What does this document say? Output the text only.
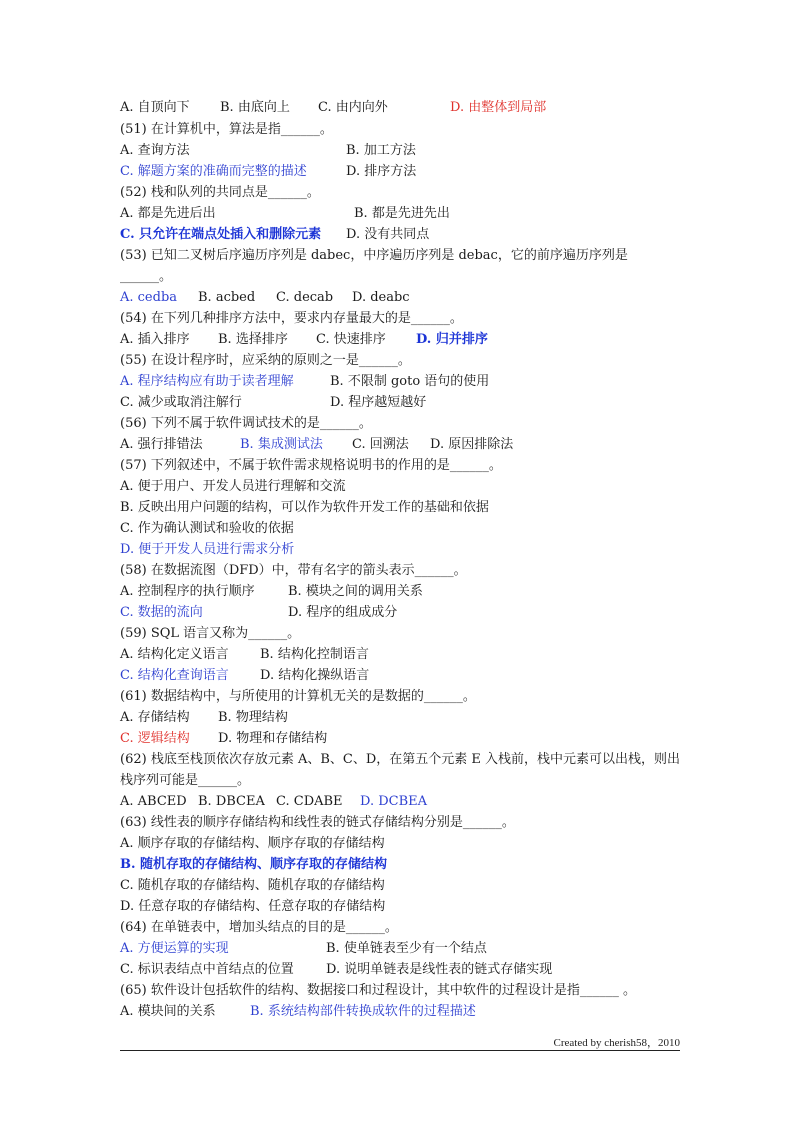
A. 自顶向下 B. 由底向上 C. 由内向外	D. 由整体到局部
(51) 在计算机中，算法是指______。
A. 查询方法	B. 加工方法
C. 解题方案的准确而完整的描述	D. 排序方法
(52) 栈和队列的共同点是______。
A. 都是先进后出	B. 都是先进先出
C. 只允许在端点处插入和删除元素 D. 没有共同点
(53) 已知二叉树后序遍历序列是 dabec，中序遍历序列是 debac，它的前序遍历序列是
______。
A. cedba B. acbed C. decab D. deabc
(54) 在下列几种排序方法中，要求内存量最大的是______。
A. 插入排序 B. 选择排序 C. 快速排序 D. 归并排序
(55) 在设计程序时，应采纳的原则之一是______。
A. 程序结构应有助于读者理解	B. 不限制 goto 语句的使用
C. 减少或取消注解行	D. 程序越短越好
(56) 下列不属于软件调试技术的是______。
A. 强行排错法	B. 集成测试法 C. 回溯法 D. 原因排除法
(57) 下列叙述中，不属于软件需求规格说明书的作用的是______。
A. 便于用户、开发人员进行理解和交流
B. 反映出用户问题的结构，可以作为软件开发工作的基础和依据
C. 作为确认测试和验收的依据
D. 便于开发人员进行需求分析
(58) 在数据流图（DFD）中，带有名字的箭头表示______。
A. 控制程序的执行顺序	B. 模块之间的调用关系
C. 数据的流向	D. 程序的组成成分
(59) SQL 语言又称为______。
A. 结构化定义语言 B. 结构化控制语言
C. 结构化查询语言 D. 结构化操纵语言
(61) 数据结构中，与所使用的计算机无关的是数据的______。
A. 存储结构 B. 物理结构
C. 逻辑结构 D. 物理和存储结构
(62) 栈底至栈顶依次存放元素 A、B、C、D，在第五个元素 E 入栈前，栈中元素可以出栈，则出
栈序列可能是______。
A. ABCED B. DBCEA C. CDABE D. DCBEA
(63) 线性表的顺序存储结构和线性表的链式存储结构分别是______。
A. 顺序存取的存储结构、顺序存取的存储结构
B. 随机存取的存储结构、顺序存取的存储结构
C. 随机存取的存储结构、随机存取的存储结构
D. 任意存取的存储结构、任意存取的存储结构
(64) 在单链表中，增加头结点的目的是______。
A. 方便运算的实现	B. 使单链表至少有一个结点
C. 标识表结点中首结点的位置 D. 说明单链表是线性表的链式存储实现
(65) 软件设计包括软件的结构、数据接口和过程设计，其中软件的过程设计是指______ 。
A. 模块间的关系	B. 系统结构部件转换成软件的过程描述
Created by cherish58，2010
